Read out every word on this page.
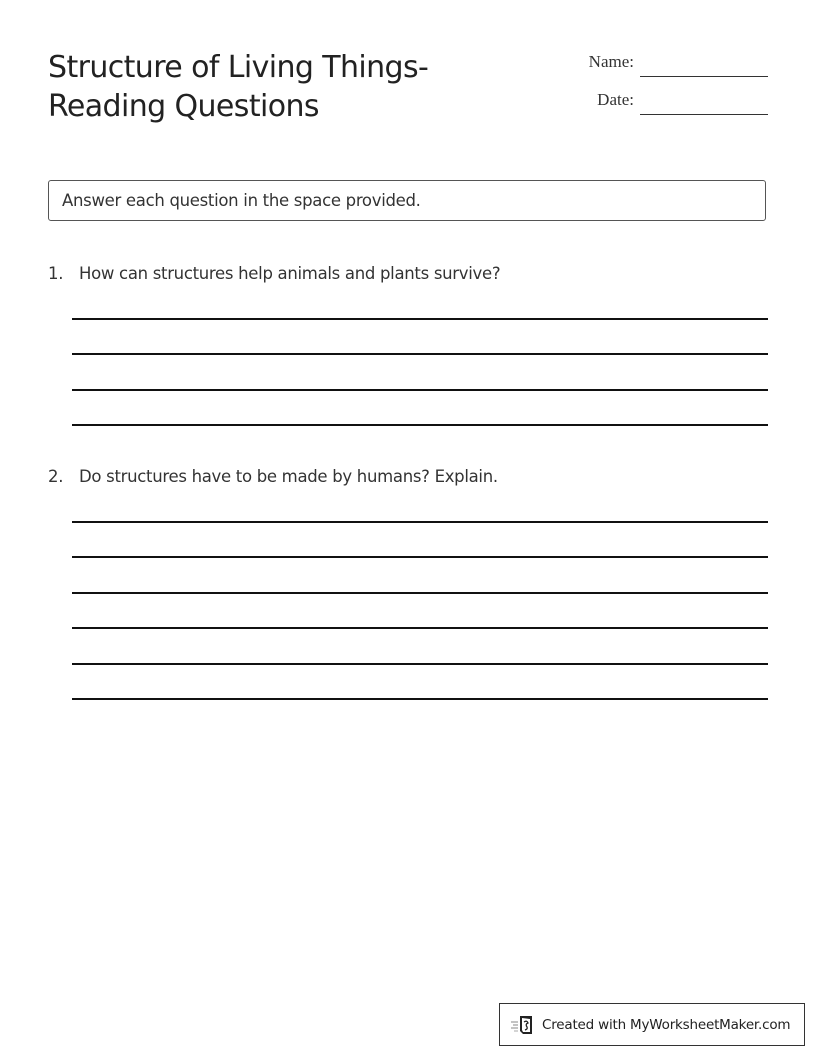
Structure of Living Things-
Reading Questions
Name:
Date:
Answer each question in the space provided.
1. How can structures help animals and plants survive?
2. Do structures have to be made by humans? Explain.
Created with MyWorksheetMaker.com
